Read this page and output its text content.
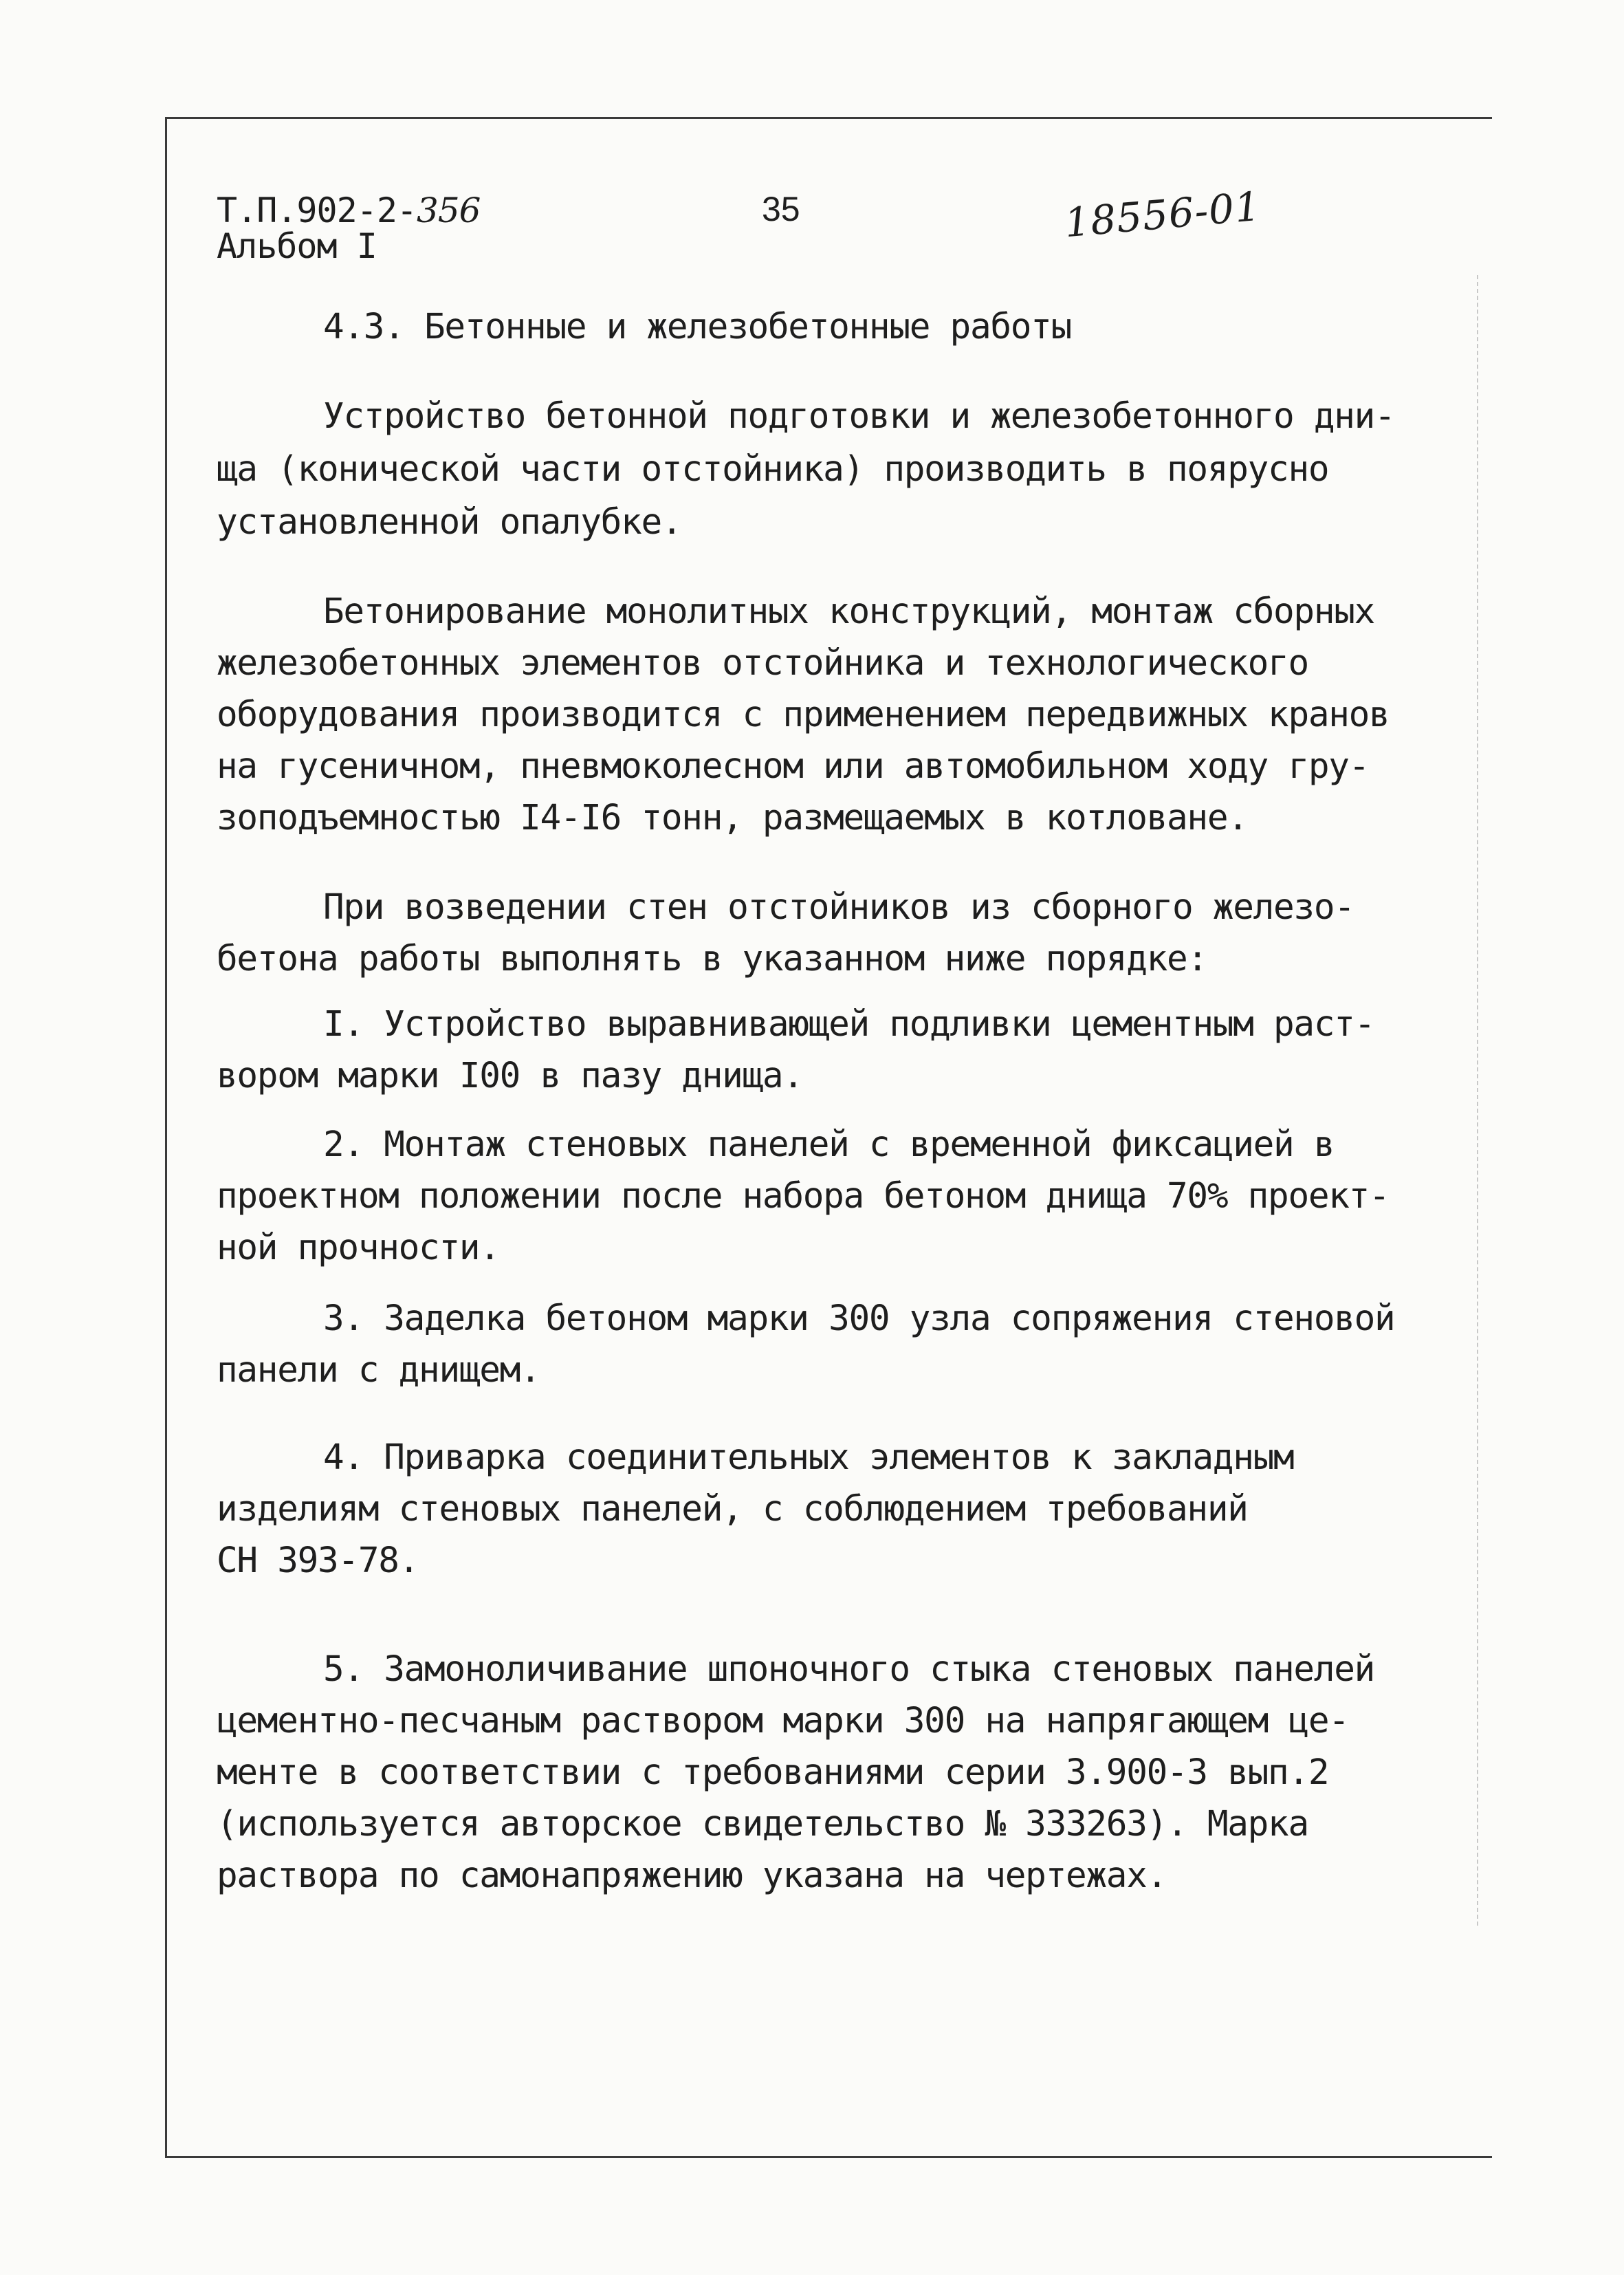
Т.П.902-2-356
Альбом I
35	18556-01
4.3. Бетонные и железобетонные работы
Устройство бетонной подготовки и железобетонного дни-
ща (конической части отстойника) производить в поярусно
установленной опалубке.
Бетонирование монолитных конструкций, монтаж сборных
железобетонных элементов отстойника и технологического
оборудования производится с применением передвижных кранов
на гусеничном, пневмоколесном или автомобильном ходу гру-
зоподъемностью I4-I6 тонн, размещаемых в котловане.
При возведении стен отстойников из сборного железо-
бетона работы выполнять в указанном ниже порядке:
I. Устройство выравнивающей подливки цементным раст-
вором марки I00 в пазу днища.
2. Монтаж стеновых панелей с временной фиксацией в
проектном положении после набора бетоном днища 70% проект-
ной прочности.
3. Заделка бетоном марки 300 узла сопряжения стеновой
панели с днищем.
4. Приварка соединительных элементов к закладным
изделиям стеновых панелей, с соблюдением требований
СН 393-78.
5. Замоноличивание шпоночного стыка стеновых панелей
цементно-песчаным раствором марки 300 на напрягающем це-
менте в соответствии с требованиями серии 3.900-3 вып.2
(используется авторское свидетельство № 333263). Марка
раствора по самонапряжению указана на чертежах.
